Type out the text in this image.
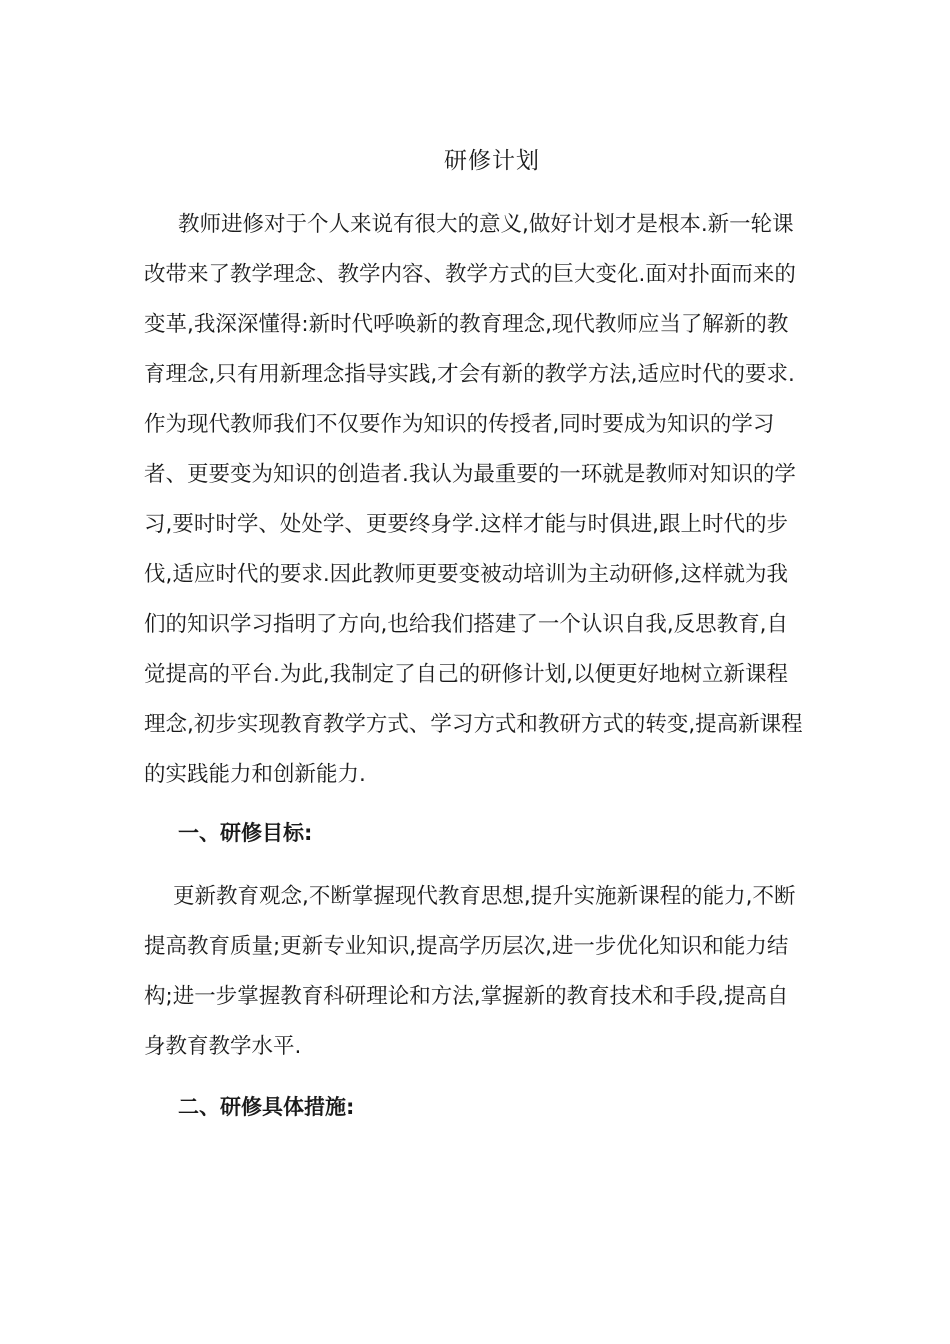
研修计划

教师进修对于个人来说有很大的意义,做好计划才是根本.新一轮课改带来了教学理念、教学内容、教学方式的巨大变化.面对扑面而来的变革,我深深懂得:新时代呼唤新的教育理念,现代教师应当了解新的教育理念,只有用新理念指导实践,才会有新的教学方法,适应时代的要求.作为现代教师我们不仅要作为知识的传授者,同时要成为知识的学习者、更要变为知识的创造者.我认为最重要的一环就是教师对知识的学习,要时时学、处处学、更要终身学.这样才能与时俱进,跟上时代的步伐,适应时代的要求.因此教师更要变被动培训为主动研修,这样就为我们的知识学习指明了方向,也给我们搭建了一个认识自我,反思教育,自觉提高的平台.为此,我制定了自己的研修计划,以便更好地树立新课程理念,初步实现教育教学方式、学习方式和教研方式的转变,提高新课程的实践能力和创新能力.

一、研修目标:

更新教育观念,不断掌握现代教育思想,提升实施新课程的能力,不断提高教育质量;更新专业知识,提高学历层次,进一步优化知识和能力结构;进一步掌握教育科研理论和方法,掌握新的教育技术和手段,提高自身教育教学水平.

二、研修具体措施:
